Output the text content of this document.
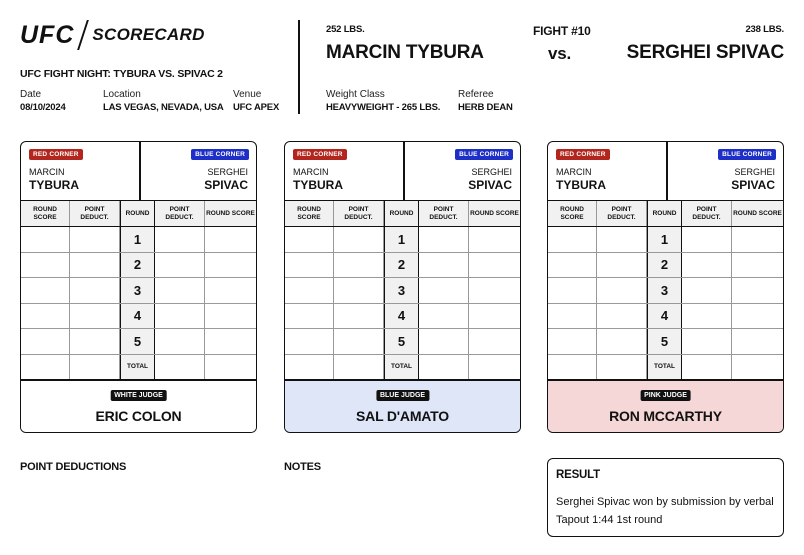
UFC SCORECARD
UFC FIGHT NIGHT: TYBURA VS. SPIVAC 2
Date
08/10/2024
Location
LAS VEGAS, NEVADA, USA
Venue
UFC APEX
252 LBS.
MARCIN TYBURA
FIGHT #10
vs.
238 LBS.
SERGHEI SPIVAC
Weight Class
HEAVYWEIGHT - 265 LBS.
Referee
HERB DEAN
RED CORNER
MARCIN
TYBURA
BLUE CORNER
SERGHEI
SPIVAC
ROUND SCORE
POINT DEDUCT.
ROUND
POINT DEDUCT.
ROUND SCORE
1
2
3
4
5
TOTAL
WHITE JUDGE
ERIC COLON
RED CORNER
MARCIN
TYBURA
BLUE CORNER
SERGHEI
SPIVAC
ROUND SCORE
POINT DEDUCT.
ROUND
POINT DEDUCT.
ROUND SCORE
1
2
3
4
5
TOTAL
BLUE JUDGE
SAL D'AMATO
RED CORNER
MARCIN
TYBURA
BLUE CORNER
SERGHEI
SPIVAC
ROUND SCORE
POINT DEDUCT.
ROUND
POINT DEDUCT.
ROUND SCORE
1
2
3
4
5
TOTAL
PINK JUDGE
RON MCCARTHY
POINT DEDUCTIONS	NOTES
RESULT
Serghei Spivac won by submission by verbal Tapout 1:44 1st round
